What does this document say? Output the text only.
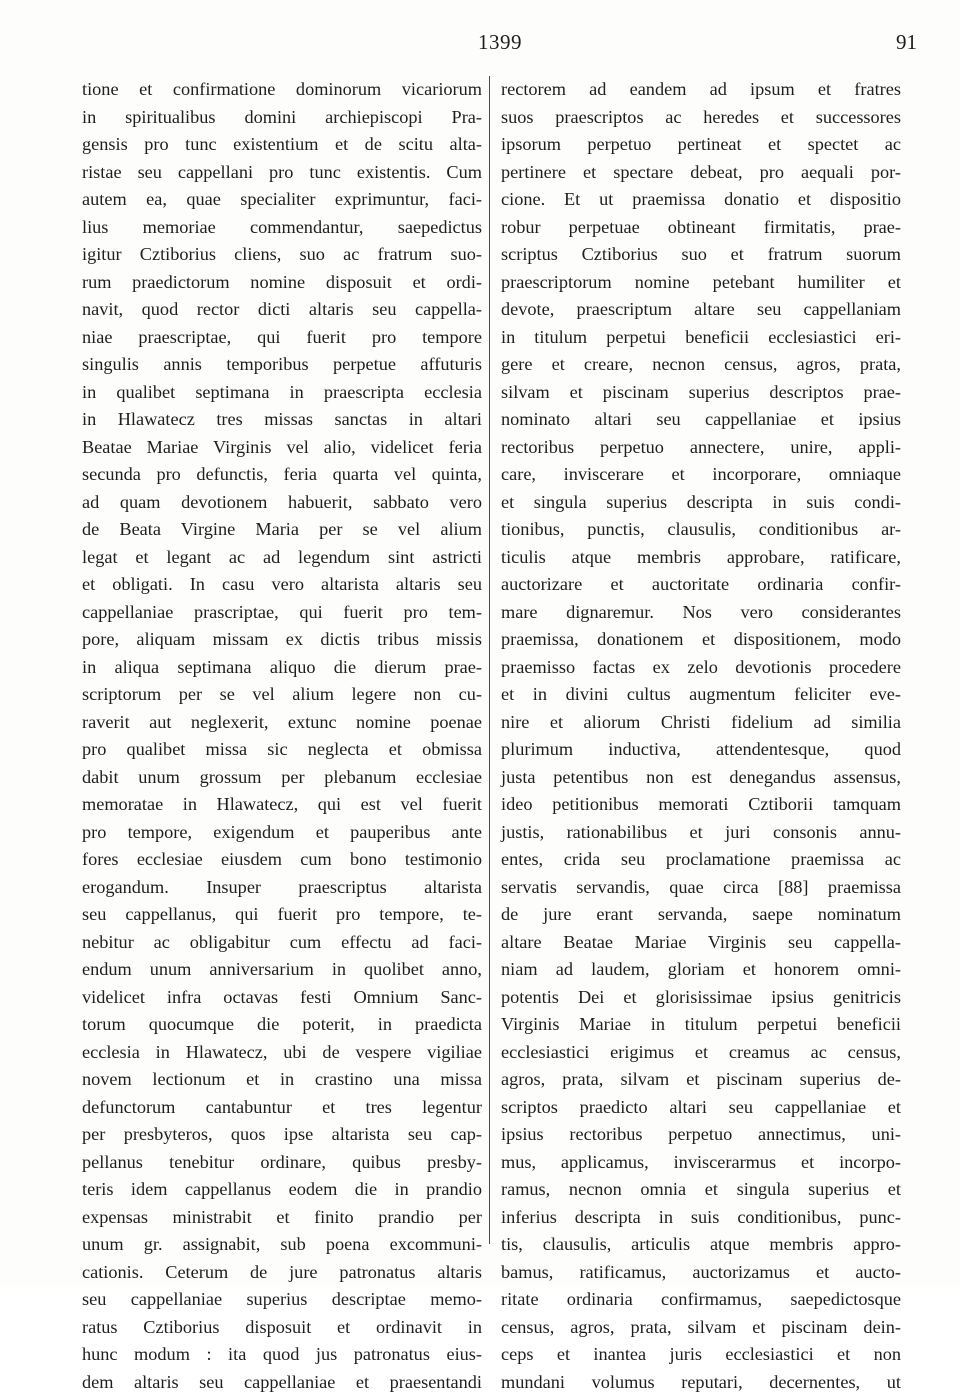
1399	91
tione et confirmatione dominorum vicariorum
in spiritualibus domini archiepiscopi Pra-
gensis pro tunc existentium et de scitu alta-
ristae seu cappellani pro tunc existentis. Cum
autem ea, quae specialiter exprimuntur, faci-
lius memoriae commendantur, saepedictus
igitur Cztiborius cliens, suo ac fratrum suo-
rum praedictorum nomine disposuit et ordi-
navit, quod rector dicti altaris seu cappella-
niae praescriptae, qui fuerit pro tempore
singulis annis temporibus perpetue affuturis
in qualibet septimana in praescripta ecclesia
in Hlawatecz tres missas sanctas in altari
Beatae Mariae Virginis vel alio, videlicet feria
secunda pro defunctis, feria quarta vel quinta,
ad quam devotionem habuerit, sabbato vero
de Beata Virgine Maria per se vel alium
legat et legant ac ad legendum sint astricti
et obligati. In casu vero altarista altaris seu
cappellaniae prascriptae, qui fuerit pro tem-
pore, aliquam missam ex dictis tribus missis
in aliqua septimana aliquo die dierum prae-
scriptorum per se vel alium legere non cu-
raverit aut neglexerit, extunc nomine poenae
pro qualibet missa sic neglecta et obmissa
dabit unum grossum per plebanum ecclesiae
memoratae in Hlawatecz, qui est vel fuerit
pro tempore, exigendum et pauperibus ante
fores ecclesiae eiusdem cum bono testimonio
erogandum. Insuper praescriptus altarista
seu cappellanus, qui fuerit pro tempore, te-
nebitur ac obligabitur cum effectu ad faci-
endum unum anniversarium in quolibet anno,
videlicet infra octavas festi Omnium Sanc-
torum quocumque die poterit, in praedicta
ecclesia in Hlawatecz, ubi de vespere vigiliae
novem lectionum et in crastino una missa
defunctorum cantabuntur et tres legentur
per presbyteros, quos ipse altarista seu cap-
pellanus tenebitur ordinare, quibus presby-
teris idem cappellanus eodem die in prandio
expensas ministrabit et finito prandio per
unum gr. assignabit, sub poena excommuni-
cationis. Ceterum de jure patronatus altaris
seu cappellaniae superius descriptae memo-
ratus Cztiborius disposuit et ordinavit in
hunc modum : ita quod jus patronatus eius-
dem altaris seu cappellaniae et praesentandi
rectorem ad eandem ad ipsum et fratres
suos praescriptos ac heredes et successores
ipsorum perpetuo pertineat et spectet ac
pertinere et spectare debeat, pro aequali por-
cione. Et ut praemissa donatio et dispositio
robur perpetuae obtineant firmitatis, prae-
scriptus Cztiborius suo et fratrum suorum
praescriptorum nomine petebant humiliter et
devote, praescriptum altare seu cappellaniam
in titulum perpetui beneficii ecclesiastici eri-
gere et creare, necnon census, agros, prata,
silvam et piscinam superius descriptos prae-
nominato altari seu cappellaniae et ipsius
rectoribus perpetuo annectere, unire, appli-
care, inviscerare et incorporare, omniaque
et singula superius descripta in suis condi-
tionibus, punctis, clausulis, conditionibus ar-
ticulis atque membris approbare, ratificare,
auctorizare et auctoritate ordinaria confir-
mare dignaremur. Nos vero considerantes
praemissa, donationem et dispositionem, modo
praemisso factas ex zelo devotionis procedere
et in divini cultus augmentum feliciter eve-
nire et aliorum Christi fidelium ad similia
plurimum inductiva, attendentesque, quod
justa petentibus non est denegandus assensus,
ideo petitionibus memorati Cztiborii tamquam
justis, rationabilibus et juri consonis annu-
entes, crida seu proclamatione praemissa ac
servatis servandis, quae circa [88] praemissa
de jure erant servanda, saepe nominatum
altare Beatae Mariae Virginis seu cappella-
niam ad laudem, gloriam et honorem omni-
potentis Dei et glorisissimae ipsius genitricis
Virginis Mariae in titulum perpetui beneficii
ecclesiastici erigimus et creamus ac census,
agros, prata, silvam et piscinam superius de-
scriptos praedicto altari seu cappellaniae et
ipsius rectoribus perpetuo annectimus, uni-
mus, applicamus, inviscerarmus et incorpo-
ramus, necnon omnia et singula superius et
inferius descripta in suis conditionibus, punc-
tis, clausulis, articulis atque membris appro-
bamus, ratificamus, auctorizamus et aucto-
ritate ordinaria confirmamus, saepedictosque
census, agros, prata, silvam et piscinam dein-
ceps et inantea juris ecclesiastici et non
mundani volumus reputari, decernentes, ut
